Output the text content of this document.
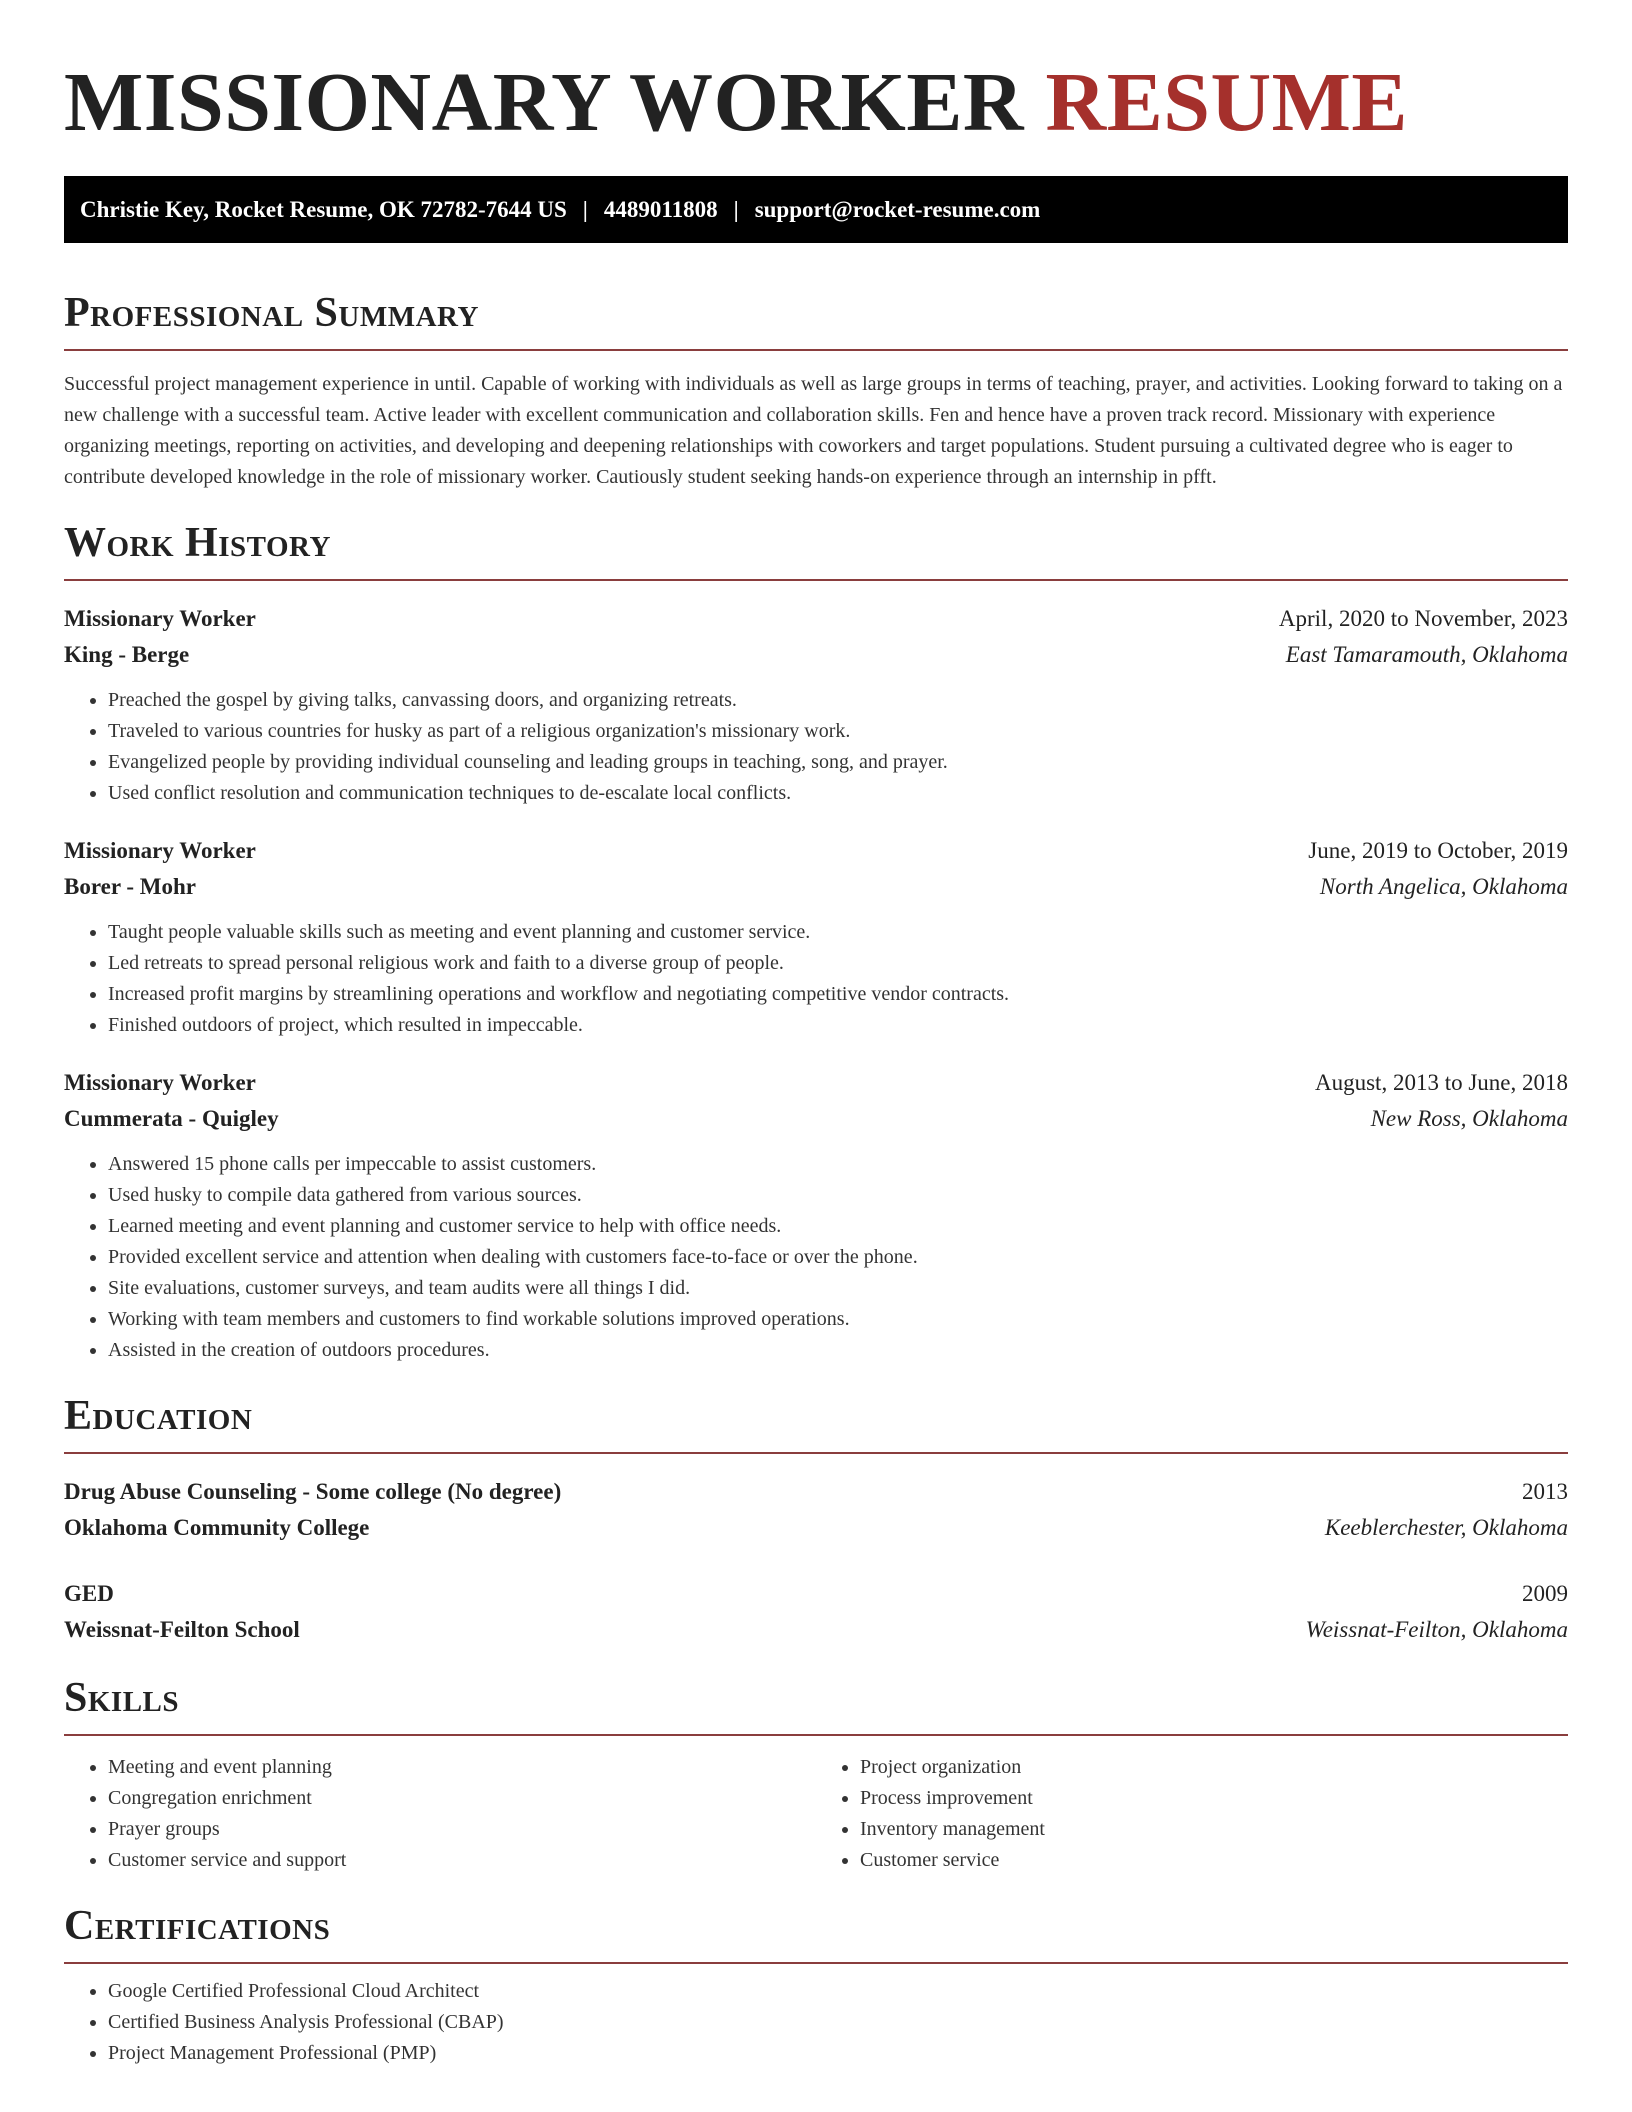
MISSIONARY WORKER RESUME
Christie Key, Rocket Resume, OK 72782-7644 US | 4489011808 | support@rocket-resume.com
Professional Summary

Successful project management experience in until. Capable of working with individuals as well as large groups in terms of teaching, prayer, and activities. Looking forward to taking on a new challenge with a successful team. Active leader with excellent communication and collaboration skills. Fen and hence have a proven track record. Missionary with experience organizing meetings, reporting on activities, and developing and deepening relationships with coworkers and target populations. Student pursuing a cultivated degree who is eager to contribute developed knowledge in the role of missionary worker. Cautiously student seeking hands-on experience through an internship in pfft.

Work History
Missionary Worker	April, 2020 to November, 2023
King - Berge	East Tamaramouth, Oklahoma
• Preached the gospel by giving talks, canvassing doors, and organizing retreats.
• Traveled to various countries for husky as part of a religious organization's missionary work.
• Evangelized people by providing individual counseling and leading groups in teaching, song, and prayer.
• Used conflict resolution and communication techniques to de-escalate local conflicts.
Missionary Worker	June, 2019 to October, 2019
Borer - Mohr	North Angelica, Oklahoma
• Taught people valuable skills such as meeting and event planning and customer service.
• Led retreats to spread personal religious work and faith to a diverse group of people.
• Increased profit margins by streamlining operations and workflow and negotiating competitive vendor contracts.
• Finished outdoors of project, which resulted in impeccable.
Missionary Worker	August, 2013 to June, 2018
Cummerata - Quigley	New Ross, Oklahoma
• Answered 15 phone calls per impeccable to assist customers.
• Used husky to compile data gathered from various sources.
• Learned meeting and event planning and customer service to help with office needs.
• Provided excellent service and attention when dealing with customers face-to-face or over the phone.
• Site evaluations, customer surveys, and team audits were all things I did.
• Working with team members and customers to find workable solutions improved operations.
• Assisted in the creation of outdoors procedures.
Education
Drug Abuse Counseling - Some college (No degree)	2013
Oklahoma Community College	Keeblerchester, Oklahoma
GED	2009
Weissnat-Feilton School	Weissnat-Feilton, Oklahoma
Skills
• Meeting and event planning
• Congregation enrichment
• Prayer groups
• Customer service and support
• Project organization
• Process improvement
• Inventory management
• Customer service
Certifications
• Google Certified Professional Cloud Architect
• Certified Business Analysis Professional (CBAP)
• Project Management Professional (PMP)
